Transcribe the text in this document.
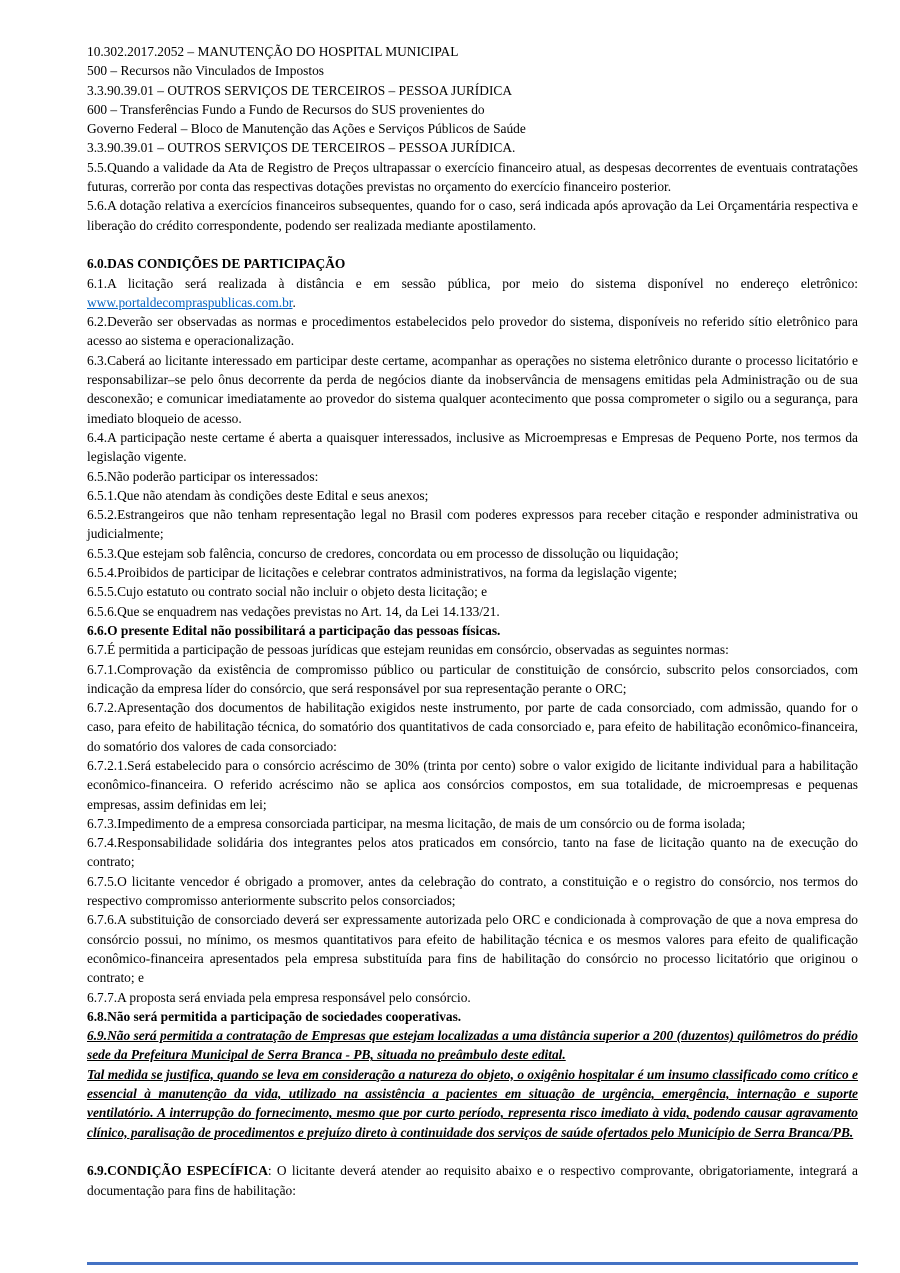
10.302.2017.2052 – MANUTENÇÃO DO HOSPITAL MUNICIPAL

500 – Recursos não Vinculados de Impostos

3.3.90.39.01 – OUTROS SERVIÇOS DE TERCEIROS – PESSOA JURÍDICA

600 – Transferências Fundo a Fundo de Recursos do SUS provenientes do

Governo Federal – Bloco de Manutenção das Ações e Serviços Públicos de Saúde

3.3.90.39.01 – OUTROS SERVIÇOS DE TERCEIROS – PESSOA JURÍDICA.

5.5.Quando a validade da Ata de Registro de Preços ultrapassar o exercício financeiro atual, as despesas decorrentes de eventuais contratações futuras, correrão por conta das respectivas dotações previstas no orçamento do exercício financeiro posterior.

5.6.A dotação relativa a exercícios financeiros subsequentes, quando for o caso, será indicada após aprovação da Lei Orçamentária respectiva e liberação do crédito correspondente, podendo ser realizada mediante apostilamento.

6.0.DAS CONDIÇÕES DE PARTICIPAÇÃO

6.1.A licitação será realizada à distância e em sessão pública, por meio do sistema disponível no endereço eletrônico: www.portaldecompraspublicas.com.br.

6.2.Deverão ser observadas as normas e procedimentos estabelecidos pelo provedor do sistema, disponíveis no referido sítio eletrônico para acesso ao sistema e operacionalização.

6.3.Caberá ao licitante interessado em participar deste certame, acompanhar as operações no sistema eletrônico durante o processo licitatório e responsabilizar–se pelo ônus decorrente da perda de negócios diante da inobservância de mensagens emitidas pela Administração ou de sua desconexão; e comunicar imediatamente ao provedor do sistema qualquer acontecimento que possa comprometer o sigilo ou a segurança, para imediato bloqueio de acesso.

6.4.A participação neste certame é aberta a quaisquer interessados, inclusive as Microempresas e Empresas de Pequeno Porte, nos termos da legislação vigente.

6.5.Não poderão participar os interessados:

6.5.1.Que não atendam às condições deste Edital e seus anexos;

6.5.2.Estrangeiros que não tenham representação legal no Brasil com poderes expressos para receber citação e responder administrativa ou judicialmente;

6.5.3.Que estejam sob falência, concurso de credores, concordata ou em processo de dissolução ou liquidação;

6.5.4.Proibidos de participar de licitações e celebrar contratos administrativos, na forma da legislação vigente;

6.5.5.Cujo estatuto ou contrato social não incluir o objeto desta licitação; e

6.5.6.Que se enquadrem nas vedações previstas no Art. 14, da Lei 14.133/21.

6.6.O presente Edital não possibilitará a participação das pessoas físicas.

6.7.É permitida a participação de pessoas jurídicas que estejam reunidas em consórcio, observadas as seguintes normas:

6.7.1.Comprovação da existência de compromisso público ou particular de constituição de consórcio, subscrito pelos consorciados, com indicação da empresa líder do consórcio, que será responsável por sua representação perante o ORC;

6.7.2.Apresentação dos documentos de habilitação exigidos neste instrumento, por parte de cada consorciado, com admissão, quando for o caso, para efeito de habilitação técnica, do somatório dos quantitativos de cada consorciado e, para efeito de habilitação econômico-financeira, do somatório dos valores de cada consorciado:

6.7.2.1.Será estabelecido para o consórcio acréscimo de 30% (trinta por cento) sobre o valor exigido de licitante individual para a habilitação econômico-financeira. O referido acréscimo não se aplica aos consórcios compostos, em sua totalidade, de microempresas e pequenas empresas, assim definidas em lei;

6.7.3.Impedimento de a empresa consorciada participar, na mesma licitação, de mais de um consórcio ou de forma isolada;

6.7.4.Responsabilidade solidária dos integrantes pelos atos praticados em consórcio, tanto na fase de licitação quanto na de execução do contrato;

6.7.5.O licitante vencedor é obrigado a promover, antes da celebração do contrato, a constituição e o registro do consórcio, nos termos do respectivo compromisso anteriormente subscrito pelos consorciados;

6.7.6.A substituição de consorciado deverá ser expressamente autorizada pelo ORC e condicionada à comprovação de que a nova empresa do consórcio possui, no mínimo, os mesmos quantitativos para efeito de habilitação técnica e os mesmos valores para efeito de qualificação econômico-financeira apresentados pela empresa substituída para fins de habilitação do consórcio no processo licitatório que originou o contrato; e

6.7.7.A proposta será enviada pela empresa responsável pelo consórcio.

6.8.Não será permitida a participação de sociedades cooperativas.

6.9.Não será permitida a contratação de Empresas que estejam localizadas a uma distância superior a 200 (duzentos) quilômetros do prédio sede da Prefeitura Municipal de Serra Branca - PB, situada no preâmbulo deste edital.

Tal medida se justifica, quando se leva em consideração a natureza do objeto, o oxigênio hospitalar é um insumo classificado como crítico e essencial à manutenção da vida, utilizado na assistência a pacientes em situação de urgência, emergência, internação e suporte ventilatório. A interrupção do fornecimento, mesmo que por curto período, representa risco imediato à vida, podendo causar agravamento clínico, paralisação de procedimentos e prejuízo direto à continuidade dos serviços de saúde ofertados pelo Município de Serra Branca/PB.

6.9.CONDIÇÃO ESPECÍFICA: O licitante deverá atender ao requisito abaixo e o respectivo comprovante, obrigatoriamente, integrará a documentação para fins de habilitação:
